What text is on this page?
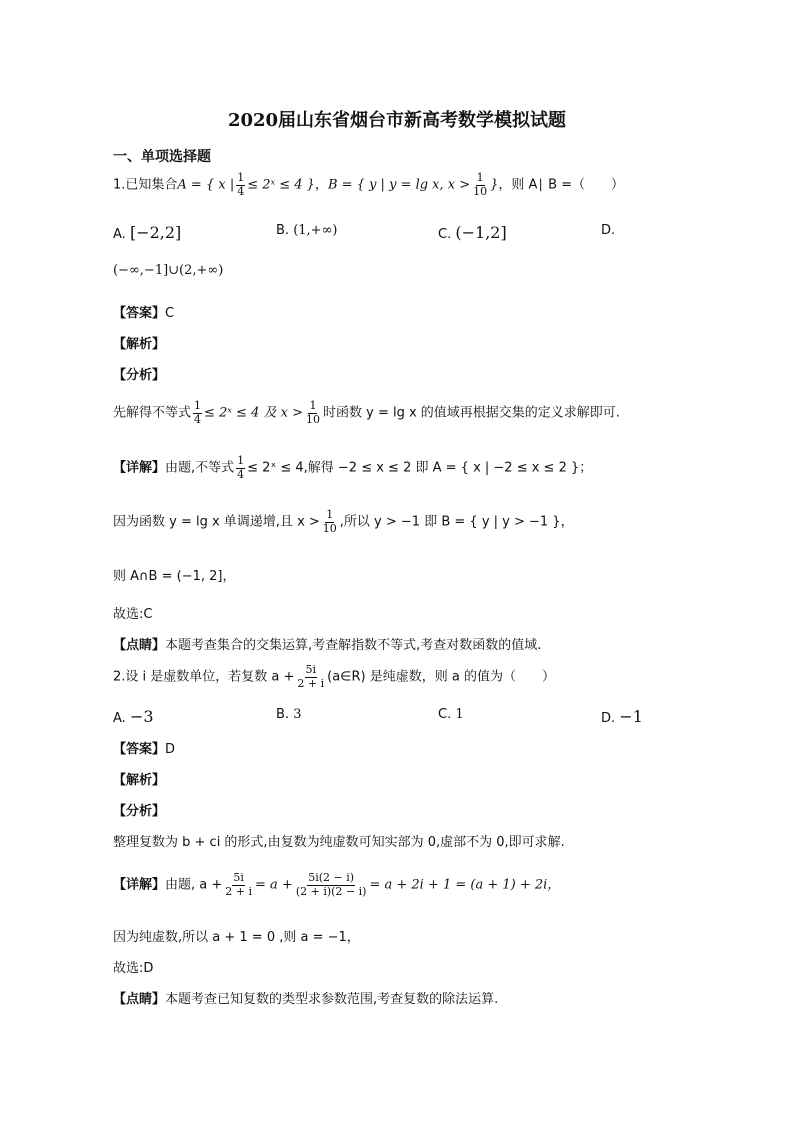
2020届山东省烟台市新高考数学模拟试题
一、单项选择题
1.已知集合A = { x | $\frac{1}{4}$ ≤ 2ˣ ≤ 4 }，B = { y | y = lg x, $x > \frac{1}{10}$ }，则 A∣ B =（　　）
A. [−2,2]	B. (1,+∞)	C. (−1,2]	D.
(−∞,−1]∪(2,+∞)
【答案】C
【解析】
【分析】
先解得不等式 $\frac{1}{4}$ ≤ 2ˣ ≤ 4 及 $x > \frac{1}{10}$ 时函数 y = lg x 的值域再根据交集的定义求解即可.
【详解】由题,不等式 $\frac{1}{4}$ ≤ 2ˣ ≤ 4,解得 −2 ≤ x ≤ 2 即 A = { x | −2 ≤ x ≤ 2 }；
因为函数 y = lg x 单调递增,且 $x > \frac{1}{10}$ ,所以 y > −1 即 B = { y | y > −1 }，
则 A∩B = (−1, 2]，
故选:C
【点睛】本题考查集合的交集运算,考查解指数不等式,考查对数函数的值域.
2.设 i 是虚数单位，若复数 $a + \frac{5i}{2 + i}$ (a∈R) 是纯虚数，则 a 的值为（　　）
A. −3	B. 3	C. 1	D. −1
【答案】D
【解析】
【分析】
整理复数为 b + ci 的形式,由复数为纯虚数可知实部为 0,虚部不为 0,即可求解.
【详解】由题, $a + \frac{5i}{2 + i} = a + \frac{5i(2 - i)}{(2 + i)(2 - i)} = a + 2i + 1 = (a + 1) + 2i$，
因为纯虚数,所以 a + 1 = 0 ,则 a = −1，
故选:D
【点睛】本题考查已知复数的类型求参数范围,考查复数的除法运算.
